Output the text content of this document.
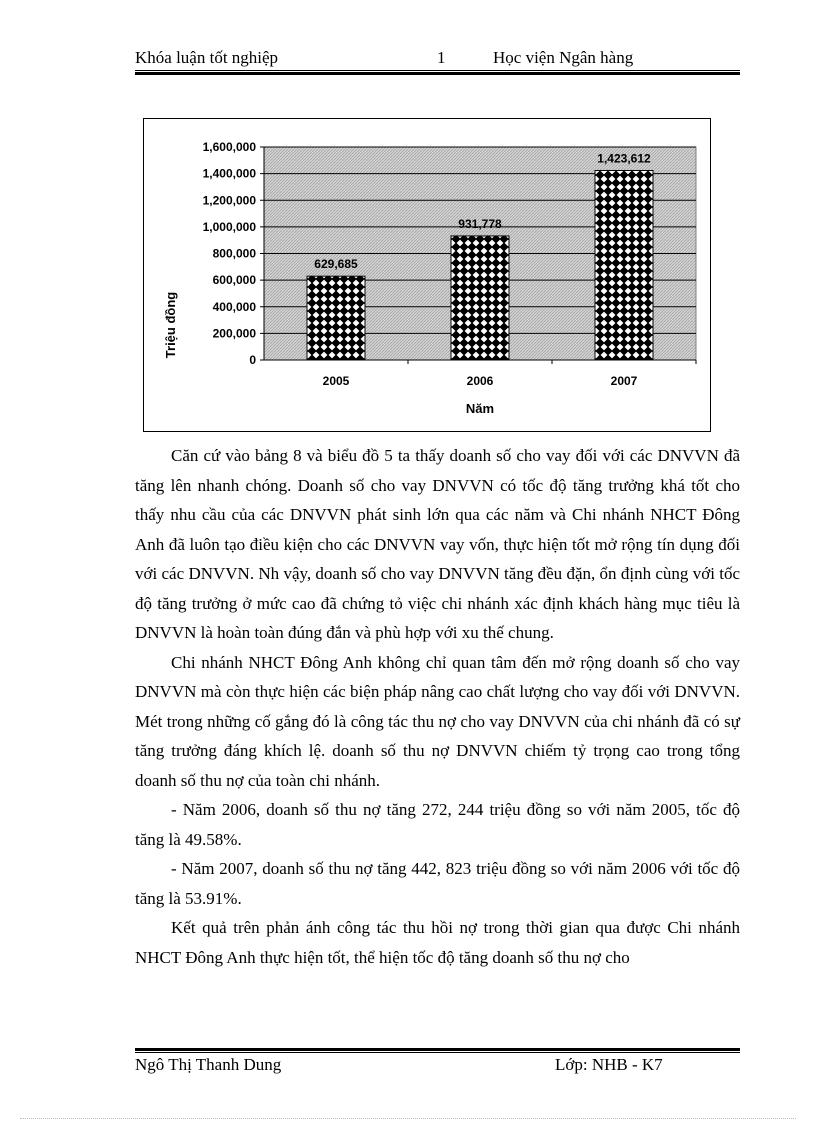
Khóa luận tốt nghiệp	1	Học viện Ngân hàng
0
200,000
400,000
600,000
800,000
1,000,000
1,200,000
1,400,000
1,600,000
629,685
2005
931,778
2006
1,423,612
2007
Triệu đồng
Năm

Căn cứ vào bảng 8 và biểu đồ 5 ta thấy doanh số cho vay đối với các DNVVN đã tăng lên nhanh chóng. Doanh số cho vay DNVVN có tốc độ tăng trưởng khá tốt cho thấy nhu cầu của các DNVVN phát sinh lớn qua các năm và Chi nhánh NHCT Đông Anh đã luôn tạo điều kiện cho các DNVVN vay vốn, thực hiện tốt mở rộng tín dụng đối với các DNVVN. Nh vậy, doanh số cho vay DNVVN tăng đều đặn, ổn định cùng với tốc độ tăng trưởng ở mức cao đã chứng tỏ việc chi nhánh xác định khách hàng mục tiêu là DNVVN là hoàn toàn đúng đắn và phù hợp với xu thế chung.

Chi nhánh NHCT Đông Anh không chỉ quan tâm đến mở rộng doanh số cho vay DNVVN mà còn thực hiện các biện pháp nâng cao chất lượng cho vay đối với DNVVN. Mét trong những cố gắng đó là công tác thu nợ cho vay DNVVN của chi nhánh đã có sự tăng trưởng đáng khích lệ. doanh số thu nợ DNVVN chiếm tỷ trọng cao trong tổng doanh số thu nợ của toàn chi nhánh.

- Năm 2006, doanh số thu nợ tăng 272, 244 triệu đồng so với năm 2005, tốc độ tăng là 49.58%.

- Năm 2007, doanh số thu nợ tăng 442, 823 triệu đồng so với năm 2006 với tốc độ tăng là 53.91%.

Kết quả trên phản ánh công tác thu hồi nợ trong thời gian qua được Chi nhánh NHCT Đông Anh thực hiện tốt, thể hiện tốc độ tăng doanh số thu nợ cho

Ngô Thị Thanh Dung	Lớp: NHB - K7
